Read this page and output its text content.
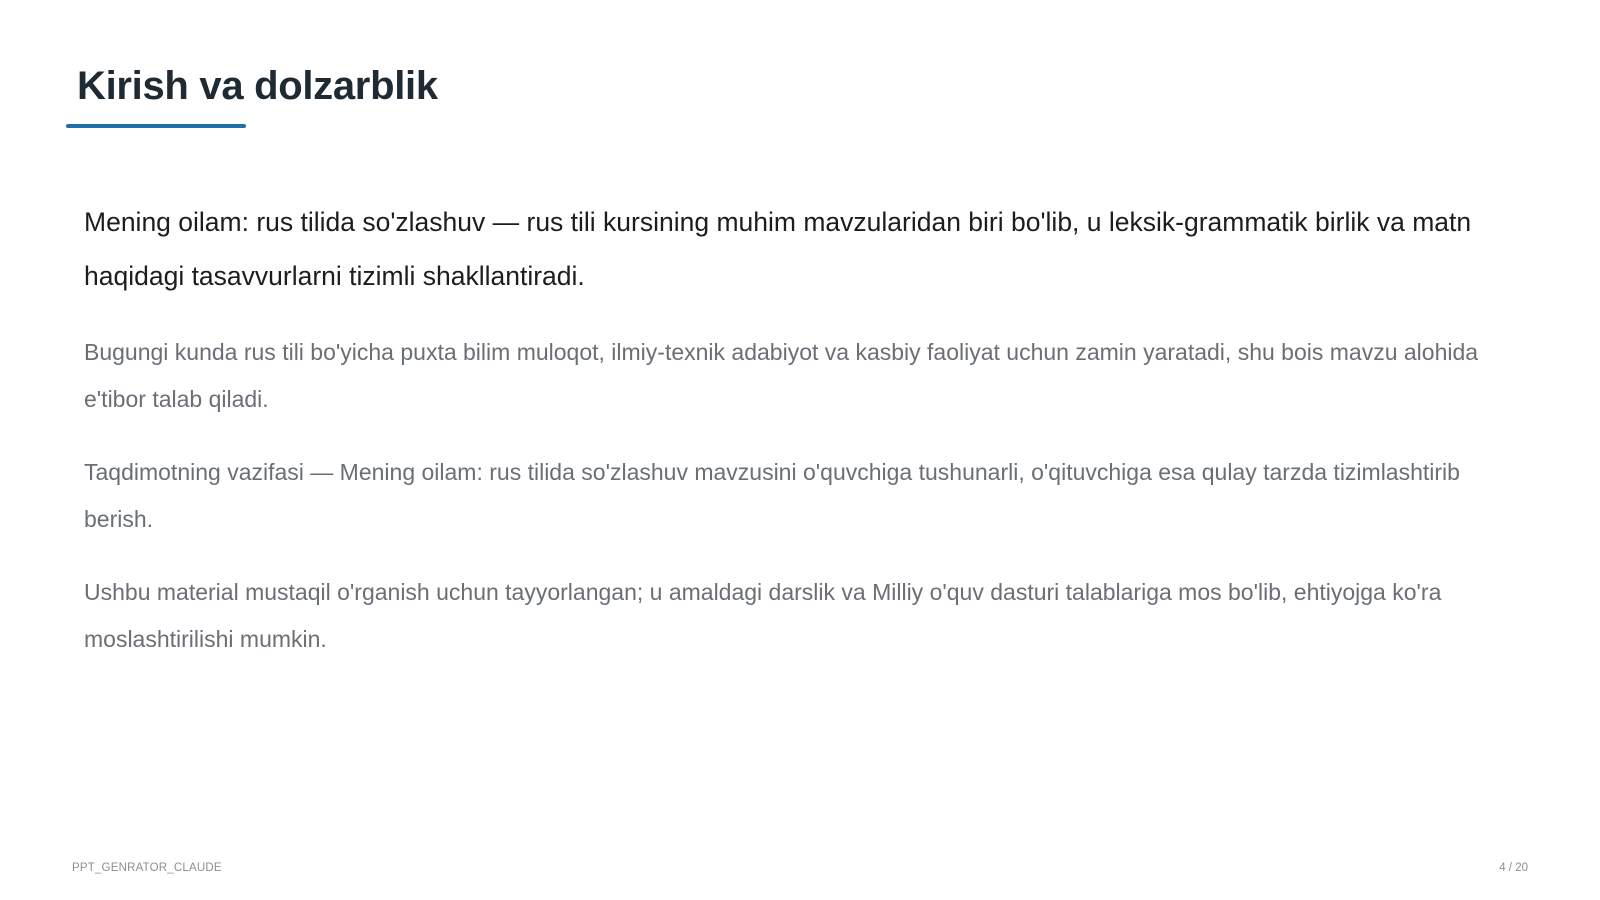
Kirish va dolzarblik

Mening oilam: rus tilida so'zlashuv — rus tili kursining muhim mavzularidan biri bo'lib, u leksik-grammatik birlik va matn haqidagi tasavvurlarni tizimli shakllantiradi.

Bugungi kunda rus tili bo'yicha puxta bilim muloqot, ilmiy-texnik adabiyot va kasbiy faoliyat uchun zamin yaratadi, shu bois mavzu alohida e'tibor talab qiladi.

Taqdimotning vazifasi — Mening oilam: rus tilida so'zlashuv mavzusini o'quvchiga tushunarli, o'qituvchiga esa qulay tarzda tizimlashtirib berish.

Ushbu material mustaqil o'rganish uchun tayyorlangan; u amaldagi darslik va Milliy o'quv dasturi talablariga mos bo'lib, ehtiyojga ko'ra moslashtirilishi mumkin.

PPT_GENRATOR_CLAUDE	4 / 20
